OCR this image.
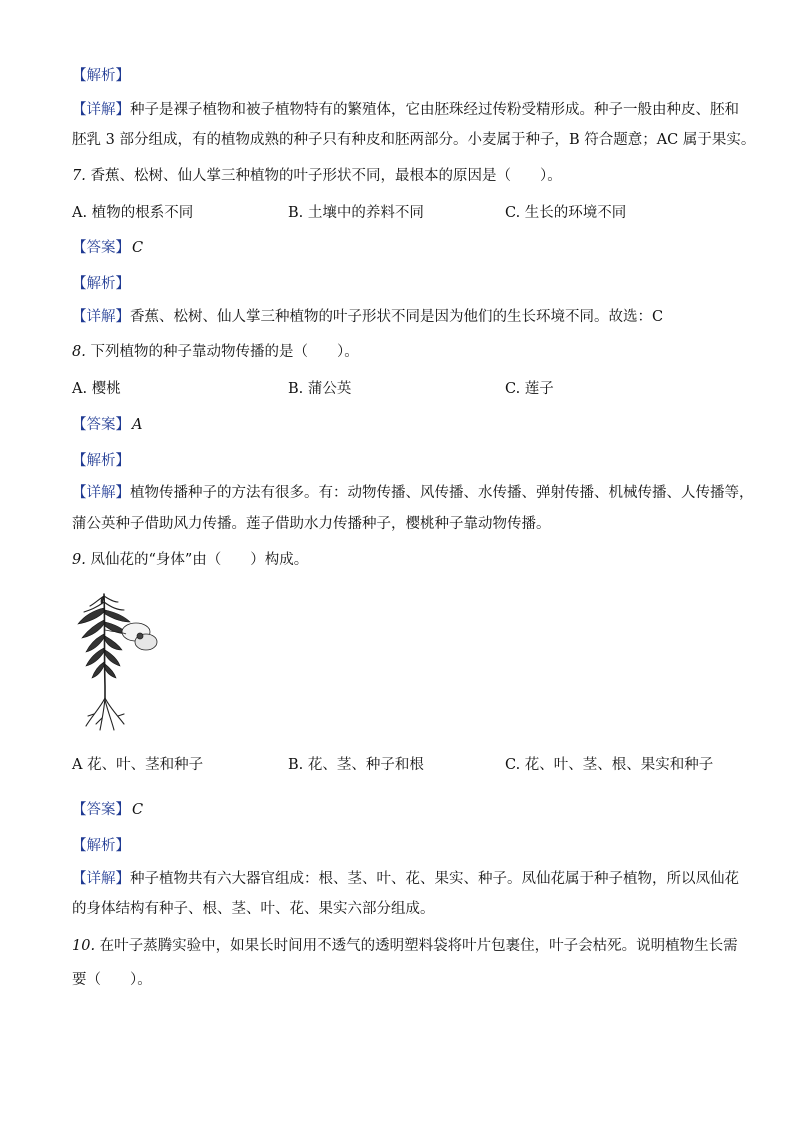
【解析】
【详解】种子是裸子植物和被子植物特有的繁殖体，它由胚珠经过传粉受精形成。种子一般由种皮、胚和
胚乳 3 部分组成，有的植物成熟的种子只有种皮和胚两部分。小麦属于种子，B 符合题意；AC 属于果实。
7. 香蕉、松树、仙人掌三种植物的叶子形状不同，最根本的原因是（　　）。
A. 植物的根系不同	B. 土壤中的养料不同	C. 生长的环境不同
【答案】 C
【解析】
【详解】香蕉、松树、仙人掌三种植物的叶子形状不同是因为他们的生长环境不同。故选：C
8. 下列植物的种子靠动物传播的是（　　）。
A. 樱桃	B. 蒲公英	C. 莲子
【答案】 A
【解析】
【详解】植物传播种子的方法有很多。有：动物传播、风传播、水传播、弹射传播、机械传播、人传播等，
蒲公英种子借助风力传播。莲子借助水力传播种子，樱桃种子靠动物传播。
9. 凤仙花的“身体”由（　　）构成。
A 花、叶、茎和种子	B. 花、茎、种子和根	C. 花、叶、茎、根、果实和种子
【答案】 C
【解析】
【详解】种子植物共有六大器官组成：根、茎、叶、花、果实、种子。凤仙花属于种子植物，所以凤仙花
的身体结构有种子、根、茎、叶、花、果实六部分组成。
10. 在叶子蒸腾实验中，如果长时间用不透气的透明塑料袋将叶片包裹住，叶子会枯死。说明植物生长需
要（　　）。
